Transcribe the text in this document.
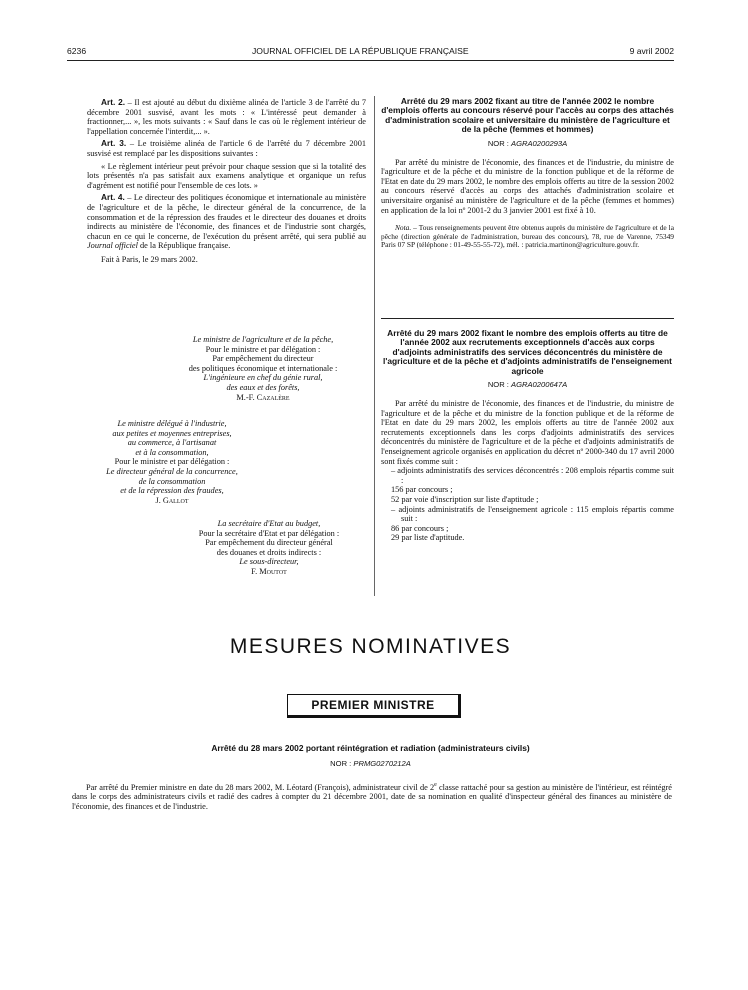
6236	JOURNAL OFFICIEL DE LA RÉPUBLIQUE FRANÇAISE	9 avril 2002

Art. 2. – Il est ajouté au début du dixième alinéa de l'article 3 de l'arrêté du 7 décembre 2001 susvisé, avant les mots : « L'intéressé peut demander à fractionner,... », les mots suivants : « Sauf dans le cas où le règlement intérieur de l'appellation concernée l'interdit,... ».

Art. 3. – Le troisième alinéa de l'article 6 de l'arrêté du 7 décembre 2001 susvisé est remplacé par les dispositions suivantes :

« Le règlement intérieur peut prévoir pour chaque session que si la totalité des lots présentés n'a pas satisfait aux examens analytique et organique un refus d'agrément est notifié pour l'ensemble de ces lots. »

Art. 4. – Le directeur des politiques économique et internationale au ministère de l'agriculture et de la pêche, le directeur général de la concurrence, de la consommation et de la répression des fraudes et le directeur des douanes et droits indirects au ministère de l'économie, des finances et de l'industrie sont chargés, chacun en ce qui le concerne, de l'exécution du présent arrêté, qui sera publié au Journal officiel de la République française.

Fait à Paris, le 29 mars 2002.

Le ministre de l'agriculture et de la pêche,

Pour le ministre et par délégation :

Par empêchement du directeur

des politiques économique et internationale :

L'ingénieure en chef du génie rural,

des eaux et des forêts,

M.-F. Cazalère

Le ministre délégué à l'industrie,

aux petites et moyennes entreprises,

au commerce, à l'artisanat

et à la consommation,

Pour le ministre et par délégation :

Le directeur général de la concurrence,

de la consommation

et de la répression des fraudes,

J. Gallot

La secrétaire d'Etat au budget,

Pour la secrétaire d'Etat et par délégation :

Par empêchement du directeur général

des douanes et droits indirects :

Le sous-directeur,

F. Moutot

Arrêté du 29 mars 2002 fixant au titre de l'année 2002 le nombre d'emplois offerts au concours réservé pour l'accès au corps des attachés d'administration scolaire et universitaire du ministère de l'agriculture et de la pêche (femmes et hommes)
NOR : AGRA0200293A

Par arrêté du ministre de l'économie, des finances et de l'industrie, du ministre de l'agriculture et de la pêche et du ministre de la fonction publique et de la réforme de l'Etat en date du 29 mars 2002, le nombre des emplois offerts au titre de la session 2002 au concours réservé d'accès au corps des attachés d'administration scolaire et universitaire organisé au ministère de l'agriculture et de la pêche (femmes et hommes) en application de la loi nº 2001-2 du 3 janvier 2001 est fixé à 10.

Nota. – Tous renseignements peuvent être obtenus auprès du ministère de l'agriculture et de la pêche (direction générale de l'administration, bureau des concours), 78, rue de Varenne, 75349 Paris 07 SP (téléphone : 01-49-55-55-72), mél. : patricia.martinon@agriculture.gouv.fr.

Arrêté du 29 mars 2002 fixant le nombre des emplois offerts au titre de l'année 2002 aux recrutements exceptionnels d'accès aux corps d'adjoints administratifs des services déconcentrés du ministère de l'agriculture et de la pêche et d'adjoints administratifs de l'enseignement agricole
NOR : AGRA0200647A

Par arrêté du ministre de l'économie, des finances et de l'industrie, du ministre de l'agriculture et de la pêche et du ministre de la fonction publique et de la réforme de l'Etat en date du 29 mars 2002, les emplois offerts au titre de l'année 2002 aux recrutements exceptionnels dans les corps d'adjoints administratifs des services déconcentrés du ministère de l'agriculture et de la pêche et d'adjoints administratifs de l'enseignement agricole organisés en application du décret nº 2000-340 du 17 avril 2000 sont fixés comme suit :

– adjoints administratifs des services déconcentrés : 208 emplois répartis comme suit :
156 par concours ;
52 par voie d'inscription sur liste d'aptitude ;
– adjoints administratifs de l'enseignement agricole : 115 emplois répartis comme suit :
86 par concours ;
29 par liste d'aptitude.
MESURES NOMINATIVES
PREMIER MINISTRE
Arrêté du 28 mars 2002 portant réintégration et radiation (administrateurs civils)
NOR : PRMG0270212A

Par arrêté du Premier ministre en date du 28 mars 2002, M. Léotard (François), administrateur civil de 2e classe rattaché pour sa gestion au ministère de l'intérieur, est réintégré dans le corps des administrateurs civils et radié des cadres à compter du 21 décembre 2001, date de sa nomination en qualité d'inspecteur général des finances au ministère de l'économie, des finances et de l'industrie.
